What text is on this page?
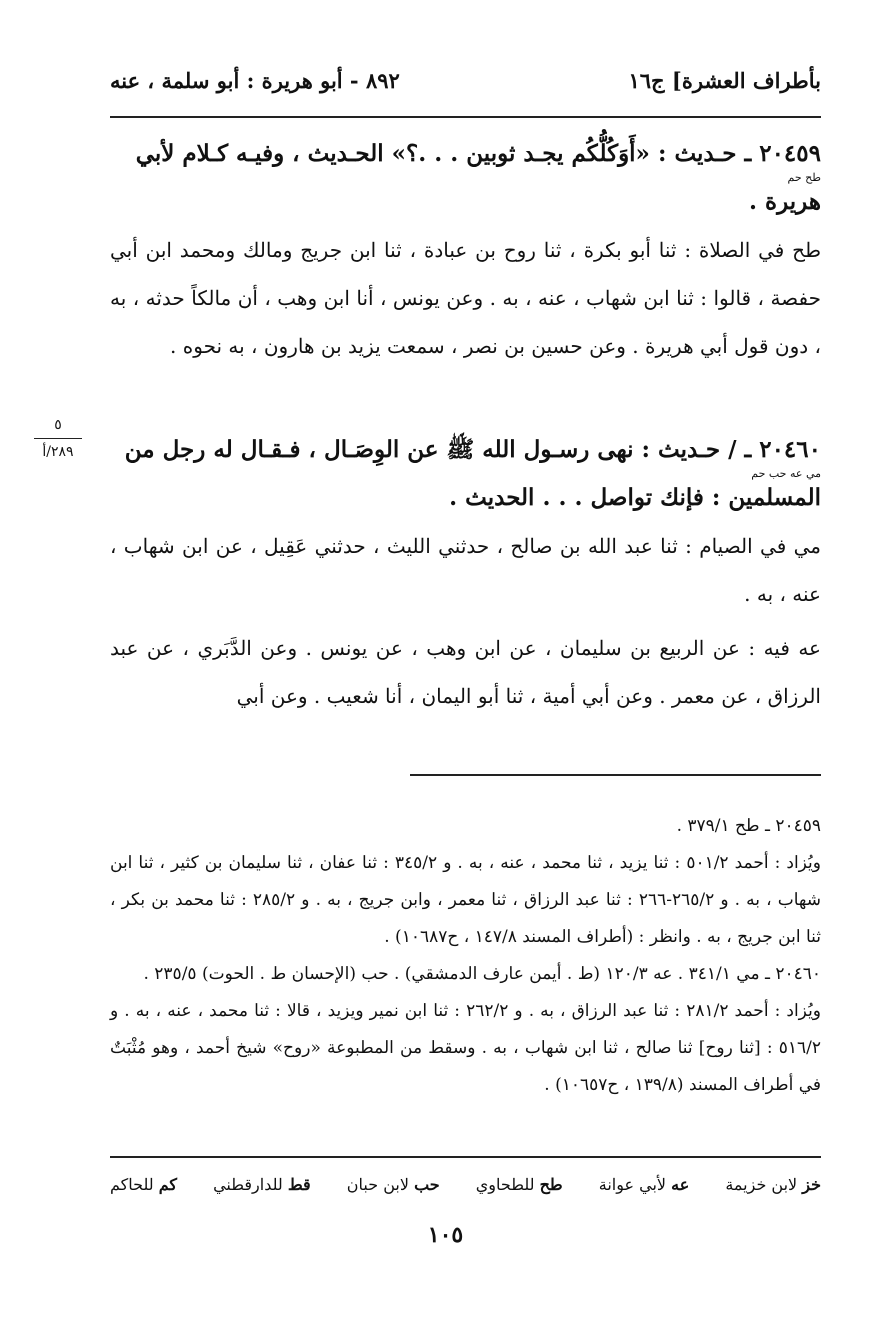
بأطراف العشرة] ج١٦
٨٩٢ - أبو هريرة : أبو سلمة ، عنه
٢٠٤٥٩ ـ حـديث : «أَوَكُلُّكُم يجـد ثوبين . . .؟» الحـديث ، وفيـه كـلام لأبي
طح حم
هريرة .
طح في الصلاة : ثنا أبو بكرة ، ثنا روح بن عبادة ، ثنا ابن جريج ومالك ومحمد ابن أبي حفصة ، قالوا : ثنا ابن شهاب ، عنه ، به . وعن يونس ، أنا ابن وهب ، أن مالكاً حدثه ، به ، دون قول أبي هريرة . وعن حسين بن نصر ، سمعت يزيد بن هارون ، به نحوه .
٥
٢٨٩/أ	٢٠٤٦٠ ـ / حـديث : نهى رسـول الله ﷺ عن الوِصَـال ، فـقـال له رجل من
مي عه حب حم
المسلمين : فإنك تواصل . . . الحديث .
مي في الصيام : ثنا عبد الله بن صالح ، حدثني الليث ، حدثني عَقِيل ، عن ابن شهاب ، عنه ، به .
عه فيه : عن الربيع بن سليمان ، عن ابن وهب ، عن يونس . وعن الدَّبَري ، عن عبد الرزاق ، عن معمر . وعن أبي أمية ، ثنا أبو اليمان ، أنا شعيب . وعن أبي

٢٠٤٥٩ ـ طح ٣٧٩/١ .

ويُزاد : أحمد ٥٠١/٢ : ثنا يزيد ، ثنا محمد ، عنه ، به . و ٣٤٥/٢ : ثنا عفان ، ثنا سليمان بن كثير ، ثنا ابن شهاب ، به . و ٢٦٥/٢-٢٦٦ : ثنا عبد الرزاق ، ثنا معمر ، وابن جريج ، به . و ٢٨٥/٢ : ثنا محمد بن بكر ، ثنا ابن جريج ، به . وانظر : (أطراف المسند ١٤٧/٨ ، ح١٠٦٨٧) .

٢٠٤٦٠ ـ مي ٣٤١/١ . عه ١٢٠/٣ (ط . أيمن عارف الدمشقي) . حب (الإحسان ط . الحوت) ٢٣٥/٥ .

ويُزاد : أحمد ٢٨١/٢ : ثنا عبد الرزاق ، به . و ٢٦٢/٢ : ثنا ابن نمير ويزيد ، قالا : ثنا محمد ، عنه ، به . و ٥١٦/٢ : [ثنا روح] ثنا صالح ، ثنا ابن شهاب ، به . وسقط من المطبوعة «روح» شيخ أحمد ، وهو مُثْبَتٌ في أطراف المسند (١٣٩/٨ ، ح١٠٦٥٧) .

خز لابن خزيمة
عه لأبي عوانة
طح للطحاوي
حب لابن حبان
قط للدارقطني
كم للحاكم
١٠٥
